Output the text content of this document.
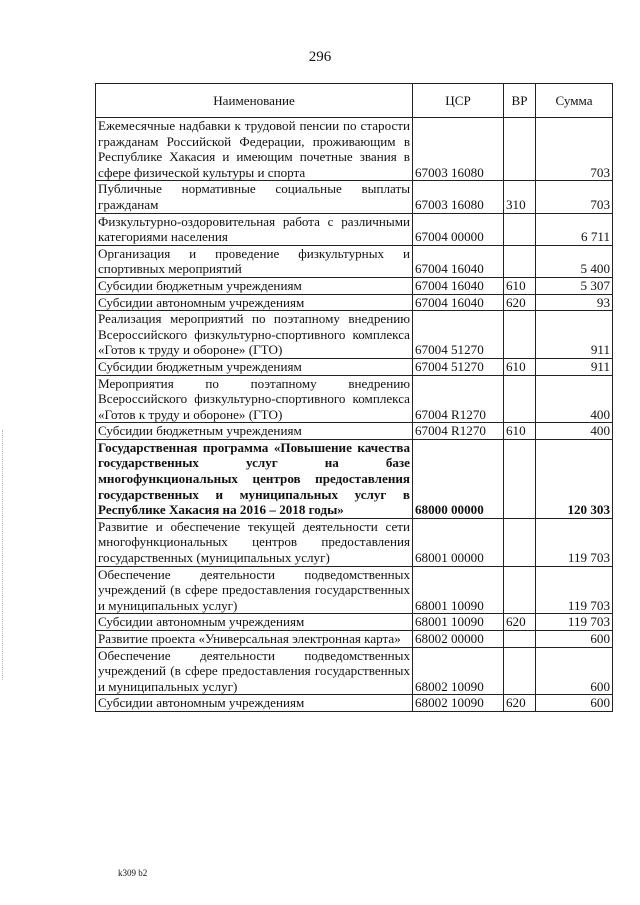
296
Наименование	ЦСР	ВР	Сумма
Ежемесячные надбавки к трудовой пенсии по старости гражданам Российской Федерации, проживающим в Республике Хакасия и имеющим почетные звания в сфере физической культуры и спорта	67003 16080		703
Публичные нормативные социальные выплаты гражданам	67003 16080	310	703
Физкультурно-оздоровительная работа с различными категориями населения	67004 00000		6 711
Организация и проведение физкультурных и спортивных мероприятий	67004 16040		5 400
Субсидии бюджетным учреждениям	67004 16040	610	5 307
Субсидии автономным учреждениям	67004 16040	620	93
Реализация мероприятий по поэтапному внедрению Всероссийского физкультурно-спортивного комплекса «Готов к труду и обороне» (ГТО)	67004 51270		911
Субсидии бюджетным учреждениям	67004 51270	610	911
Мероприятия по поэтапному внедрению Всероссийского физкультурно-спортивного комплекса «Готов к труду и обороне» (ГТО)	67004 R1270		400
Субсидии бюджетным учреждениям	67004 R1270	610	400
Государственная программа «Повышение качества государственных услуг на базе многофункциональных центров предоставления государственных и муниципальных услуг в Республике Хакасия на 2016 – 2018 годы»	68000 00000		120 303
Развитие и обеспечение текущей деятельности сети многофункциональных центров предоставления государственных (муниципальных услуг)	68001 00000		119 703
Обеспечение деятельности подведомственных учреждений (в сфере предоставления государственных и муниципальных услуг)	68001 10090		119 703
Субсидии автономным учреждениям	68001 10090	620	119 703
Развитие проекта «Универсальная электронная карта»	68002 00000		600
Обеспечение деятельности подведомственных учреждений (в сфере предоставления государственных и муниципальных услуг)	68002 10090		600
Субсидии автономным учреждениям	68002 10090	620	600
k309 b2
